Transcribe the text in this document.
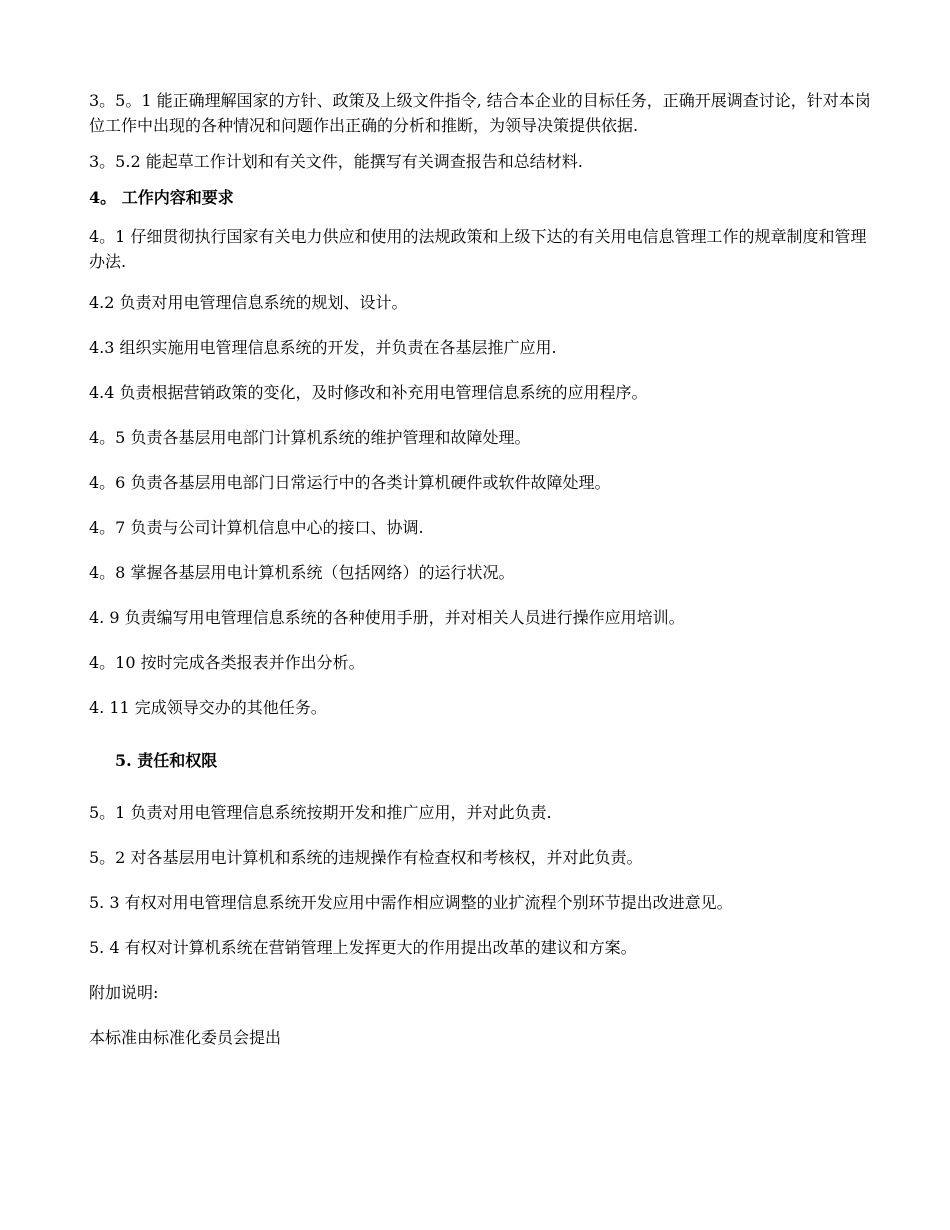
3。5。1 能正确理解国家的方针、政策及上级文件指令, 结合本企业的目标任务，正确开展调查讨论，针对本岗位工作中出现的各种情况和问题作出正确的分析和推断，为领导决策提供依据.

3。5.2 能起草工作计划和有关文件，能撰写有关调查报告和总结材料.

4。 工作内容和要求

4。1 仔细贯彻执行国家有关电力供应和使用的法规政策和上级下达的有关用电信息管理工作的规章制度和管理办法.

4.2 负责对用电管理信息系统的规划、设计。

4.3 组织实施用电管理信息系统的开发，并负责在各基层推广应用.

4.4 负责根据营销政策的变化，及时修改和补充用电管理信息系统的应用程序。

4。5 负责各基层用电部门计算机系统的维护管理和故障处理。

4。6 负责各基层用电部门日常运行中的各类计算机硬件或软件故障处理。

4。7 负责与公司计算机信息中心的接口、协调.

4。8 掌握各基层用电计算机系统（包括网络）的运行状况。

4. 9 负责编写用电管理信息系统的各种使用手册，并对相关人员进行操作应用培训。

4。10 按时完成各类报表并作出分析。

4. 11 完成领导交办的其他任务。

5. 责任和权限

5。1 负责对用电管理信息系统按期开发和推广应用，并对此负责.

5。2 对各基层用电计算机和系统的违规操作有检查权和考核权，并对此负责。

5. 3 有权对用电管理信息系统开发应用中需作相应调整的业扩流程个别环节提出改进意见。

5. 4 有权对计算机系统在营销管理上发挥更大的作用提出改革的建议和方案。

附加说明:

本标准由标准化委员会提出
